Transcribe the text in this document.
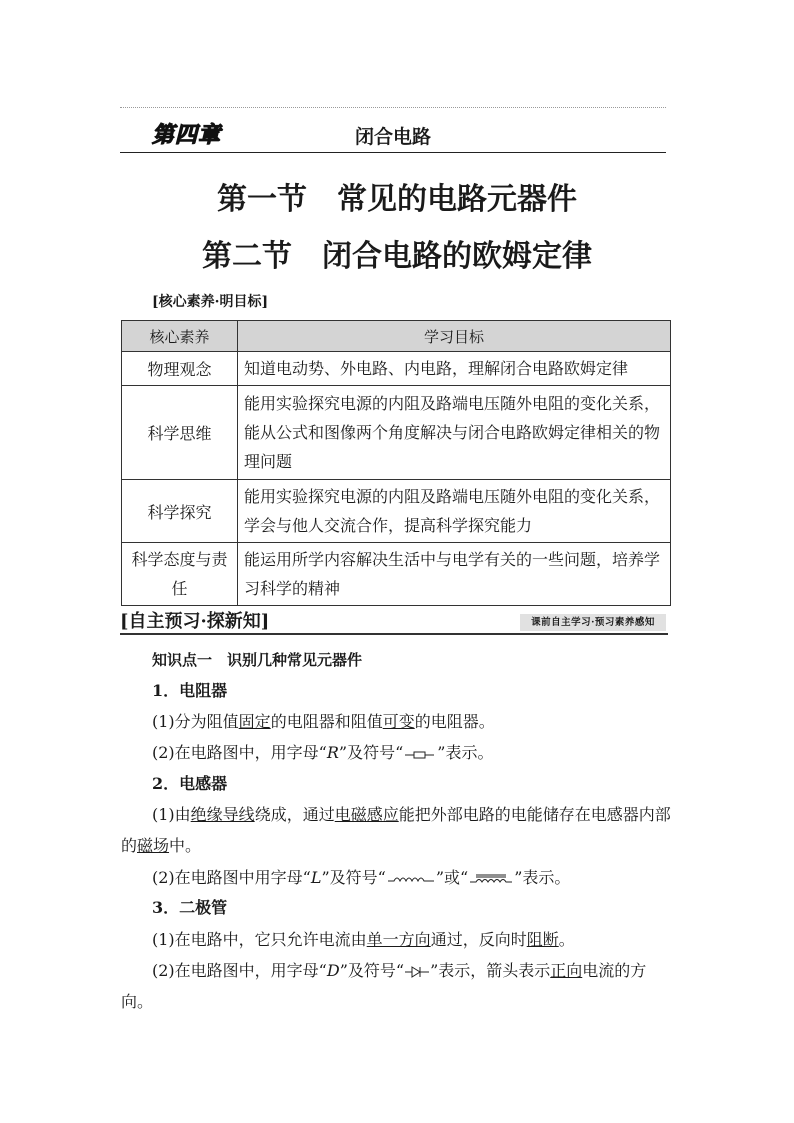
第四章	闭合电路
第一节　常见的电路元器件
第二节　闭合电路的欧姆定律
[核心素养·明目标]
核心素养	学习目标
物理观念	知道电动势、外电路、内电路，理解闭合电路欧姆定律
科学思维	能用实验探究电源的内阻及路端电压随外电阻的变化关系，能从公式和图像两个角度解决与闭合电路欧姆定律相关的物理问题
科学探究	能用实验探究电源的内阻及路端电压随外电阻的变化关系，学会与他人交流合作，提高科学探究能力
科学态度与责任	能运用所学内容解决生活中与电学有关的一些问题，培养学习科学的精神
[自主预习·探新知]	课前自主学习·预习素养感知
知识点一　识别几种常见元器件
1．电阻器
(1)分为阻值固定的电阻器和阻值可变的电阻器。
(2)在电路图中，用字母“R”及符号“ ”表示。
2．电感器
(1)由绝缘导线绕成，通过电磁感应能把外部电路的电能储存在电感器内部
的磁场中。
(2)在电路图中用字母“L”及符号“	”或“	”表示。
3．二极管
(1)在电路中，它只允许电流由单一方向通过，反向时阻断。
(2)在电路图中，用字母“D”及符号“ ”表示，箭头表示正向电流的方
向。
